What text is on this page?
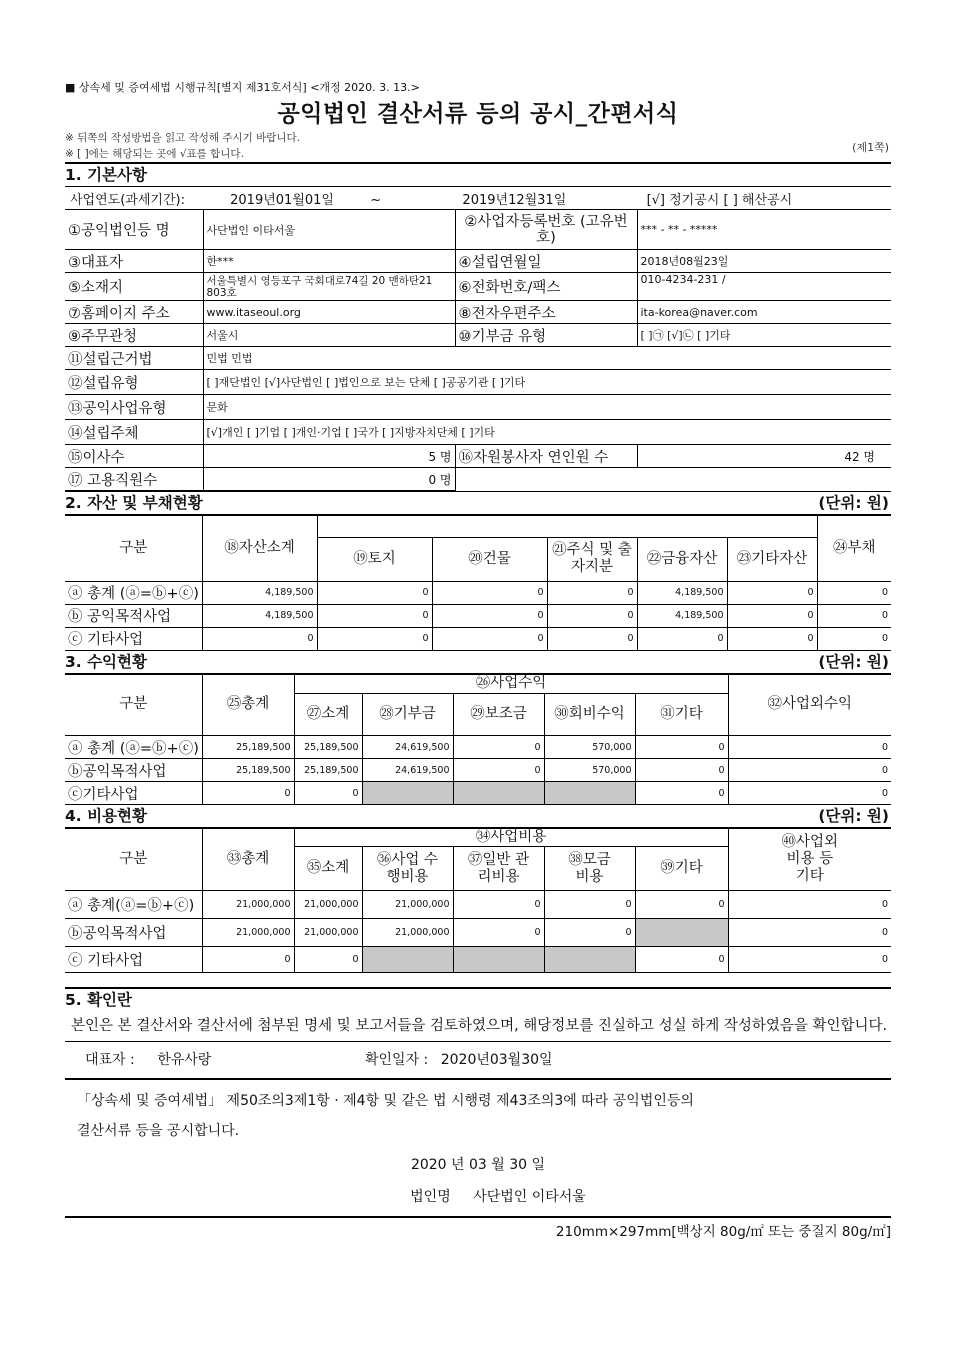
■ 상속세 및 증여세법 시행규칙[별지 제31호서식] <개정 2020. 3. 13.>
공익법인 결산서류 등의 공시_간편서식
※ 뒤쪽의 작성방법을 읽고 작성해 주시기 바랍니다.
※ [ ]에는 해당되는 곳에 √표를 합니다.	(제1쪽)
1. 기본사항
사업연도(과세기간): 2019년01월01일 ~ 2019년12월31일 [√] 정기공시 [ ] 해산공시			
①공익법인등 명	사단법인 이타서울	②사업자등록번호 (고유번호)	*** - ** - *****
③대표자	한***	④설립연월일	2018년08월23일
⑤소재지	서울특별시 영등포구 국회대로74길 20 맨하탄21 803호	⑥전화번호/팩스	010-4234-231 /
⑦홈페이지 주소	www.itaseoul.org	⑧전자우편주소	ita-korea@naver.com
⑨주무관청	서울시	⑩기부금 유형	[ ]㉠ [√]㉡ [ ]기타
⑪설립근거법	민법 민법		
⑫설립유형	[ ]재단법인 [√]사단법인 [ ]법인으로 보는 단체 [ ]공공기관 [ ]기타		
⑬공익사업유형	문화		
⑭설립주체	[√]개인 [ ]기업 [ ]개인·기업 [ ]국가 [ ]지방자치단체 [ ]기타		
⑮이사수	5 명	⑯자원봉사자 연인원 수	42 명
⑰ 고용직원수	0 명		
2. 자산 및 부채현황	(단위: 원)
구분	⑱자산소계						㉔부채
		⑲토지	⑳건물	㉑주식 및 출자지분	㉒금융자산	㉓기타자산	
ⓐ 총계 (ⓐ=ⓑ+ⓒ)	4,189,500	0	0	0	4,189,500	0	0
ⓑ 공익목적사업	4,189,500	0	0	0	4,189,500	0	0
ⓒ 기타사업	0	0	0	0	0	0	0
3. 수익현황	(단위: 원)
구분	㉕총계	㉖사업수익					㉜사업외수익
		㉗소계	㉘기부금	㉙보조금	㉚회비수익	㉛기타	
ⓐ 총계 (ⓐ=ⓑ+ⓒ)	25,189,500	25,189,500	24,619,500	0	570,000	0	0
ⓑ공익목적사업	25,189,500	25,189,500	24,619,500	0	570,000	0	0
ⓒ기타사업	0	0				0	0
4. 비용현황	(단위: 원)
구분	㉝총계	㉞사업비용					㊵사업외 비용 등 기타
		㉟소계	㊱사업 수행비용	㊲일반 관리비용	㊳모금 비용	㊴기타	
ⓐ 총계(ⓐ=ⓑ+ⓒ)	21,000,000	21,000,000	21,000,000	0	0	0	0
ⓑ공익목적사업	21,000,000	21,000,000	21,000,000	0	0		0
ⓒ 기타사업	0	0				0	0
5. 확인란
본인은 본 결산서와 결산서에 첨부된 명세 및 보고서들을 검토하였으며, 해당정보를 진실하고 성실 하게 작성하였음을 확인합니다.
대표자 : 한유사랑	확인일자 : 2020년03월30일
「상속세 및 증여세법」 제50조의3제1항 · 제4항 및 같은 법 시행령 제43조의3에 따라 공익법인등의
결산서류 등을 공시합니다.
2020 년 03 월 30 일
법인명 사단법인 이타서울
210mm×297mm[백상지 80g/㎡ 또는 중질지 80g/㎡]
